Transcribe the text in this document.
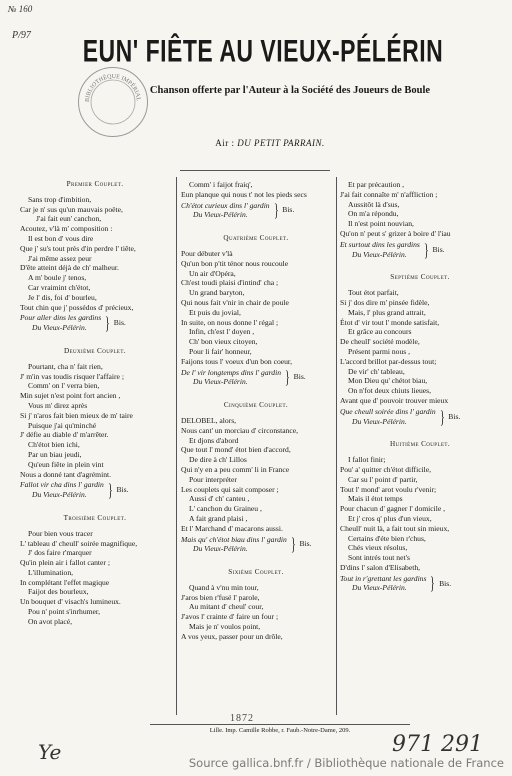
№ 160
P/97	EUN' FIÊTE AU VIEUX-PÉLÉRIN
BIBLIOTHÈQUE IMPÉRIAL
Chanson offerte par l'Auteur à la Société des Joueurs de Boule
Air : DU PETIT PARRAIN.
Premier Couplet.
Sans trop d'imbition,
Car je n' sus qu'un mauvais poëte,
J'ai fait eun' canchon,
Acoutez, v'là m' composition :
Il est bon d' vous dire
Que j' su's tout près d'in perdre l' tiête,
J'ai même assez peur
D'ête atteint déjà de ch' malheur.
A m' boule j' tenos,
Car vraimint ch'étot,
Je l' dis, foi d' bourleu,
Tout chin que j' possédos d' précieux,
Pour aller dins les gardins
Du Vieux-Pélérin.	} Bis.
Deuxième Couplet.
Pourtant, cha n' fait rien,
J' m'in vas toudis risquer l'affaire ;
Comm' on l' verra bien,
Min sujet n'est point fort ancien ,
Vous m' direz après
Si j' n'aros fait bien mieux de m' taire
Puisque j'ai qu'minché
J' défie au diable d' m'arrêter.
Ch'étot bien ichi,
Par un biau jeudi,
Qu'eun fiête in plein vint
Nous a donné tant d'agrémint.
Fallot vir cha dins l' gardin
Du Vieux-Pélérin.	} Bis.
Troisième Couplet.
Pour bien vous tracer
L' tableau d' cheull' soirée magnifique,
J' dos faire r'marquer
Qu'in plein air i fallot canter ;
L'illumination,
In complétant l'effet magique
Faijot des bourleux,
Un bouquet d' visach's lumineux.
Pou n' point s'inrhumer,
On avot placé,
Comm' i faijot fraiq',
Eun planque qui nous t' not les pieds secs
Ch'étot curieux dins l' gardin
Du Vieux-Pélérin.	} Bis.
Quatrième Couplet.
Pour débuter v'là
Qu'un bon p'tit ténor nous roucoule
Un air d'Opéra,
Ch'est toudi plaisi d'intind' cha ;
Un grand baryton,
Qui nous fait v'nir in chair de poule
Et puis du jovial,
In suite, on nous donne l' régal ;
Infin, ch'est l' doyen ,
Ch' bon vieux citoyen,
Pour li fair' honneur,
Faijons tous l' voeux d'un bon coeur,
De l' vir longtemps dins l' gardin
Du Vieux-Pélérin.	} Bis.
Cinquième Couplet.
DELOBEL, alors,
Nous cant' un morciau d' circonstance,
Et djons d'abord
Que tout l' mond' étot bien d'accord,
De dire à ch' Lillos
Qui n'y en a peu comm' li in France
Pour interpréter
Les couplets qui sait composer ;
Aussi d' ch' canteu ,
L' canchon du Graineu ,
A fait grand plaisi ,
Et l' Marchand d' macarons aussi.
Mais qu' ch'étot biau dins l' gardin
Du Vieux-Pélérin.	} Bis.
Sixième Couplet.
Quand à v'nu min tour,
J'aros bien r'fusé l' parole,
Au mitant d' cheul' cour,
J'avos l' crainte d' faire un four ;
Mais je n' voulos point,
A vos yeux, passer pour un drôle,
Et par précaution ,
J'ai fait connaîte m' n'affliction ;
Aussitôt là d'sus,
On m'a répondu,
Il n'est point nouvian,
Qu'on n' peut s' grizer à boire d' l'iau
Et surtout dins les gardins
Du Vieux-Pélérin. } Bis.
Septième Couplet.
Tout étot parfait,
Si j' dos dire m' pinsée fidèle,
Mais, l' plus grand attrait,
Étot d' vir tout l' monde satisfait,
Et grâce au concours
De cheull' société modèle,
Présent parmi nous ,
L'accord brillot par-dessus tout;
De vir' ch' tableau,
Mon Dieu qu' chétot biau,
On n'fot deux chiuts lieues,
Avant que d' pouvoir trouver mieux
Que cheull soirée dins l' gardin
Du Vieux-Pélérin.	} Bis.
Huitième Couplet.
I fallot finir;
Pou' a' quitter ch'étot difficile,
Car su l' point d' partir,
Tout l' mond' arot voulu r'venir;
Mais il étot temps
Pour chacun d' gagner l' domicile ,
Et j' cros q' plus d'un vieux,
Cheull' nuit là, a fait tout sin mieux,
Certains d'éte bien r'chus,
Chés vieux résolus,
Sont intrés tout net's
D'dins l' salon d'Elisabeth,
Tout in r'grettant les gardins
Du Vieux-Pélérin.	} Bis.
1872
Lille. Imp. Camille Robbe, r. Faub.-Notre-Dame, 209.
Ye	971 291
Source gallica.bnf.fr / Bibliothèque nationale de France
